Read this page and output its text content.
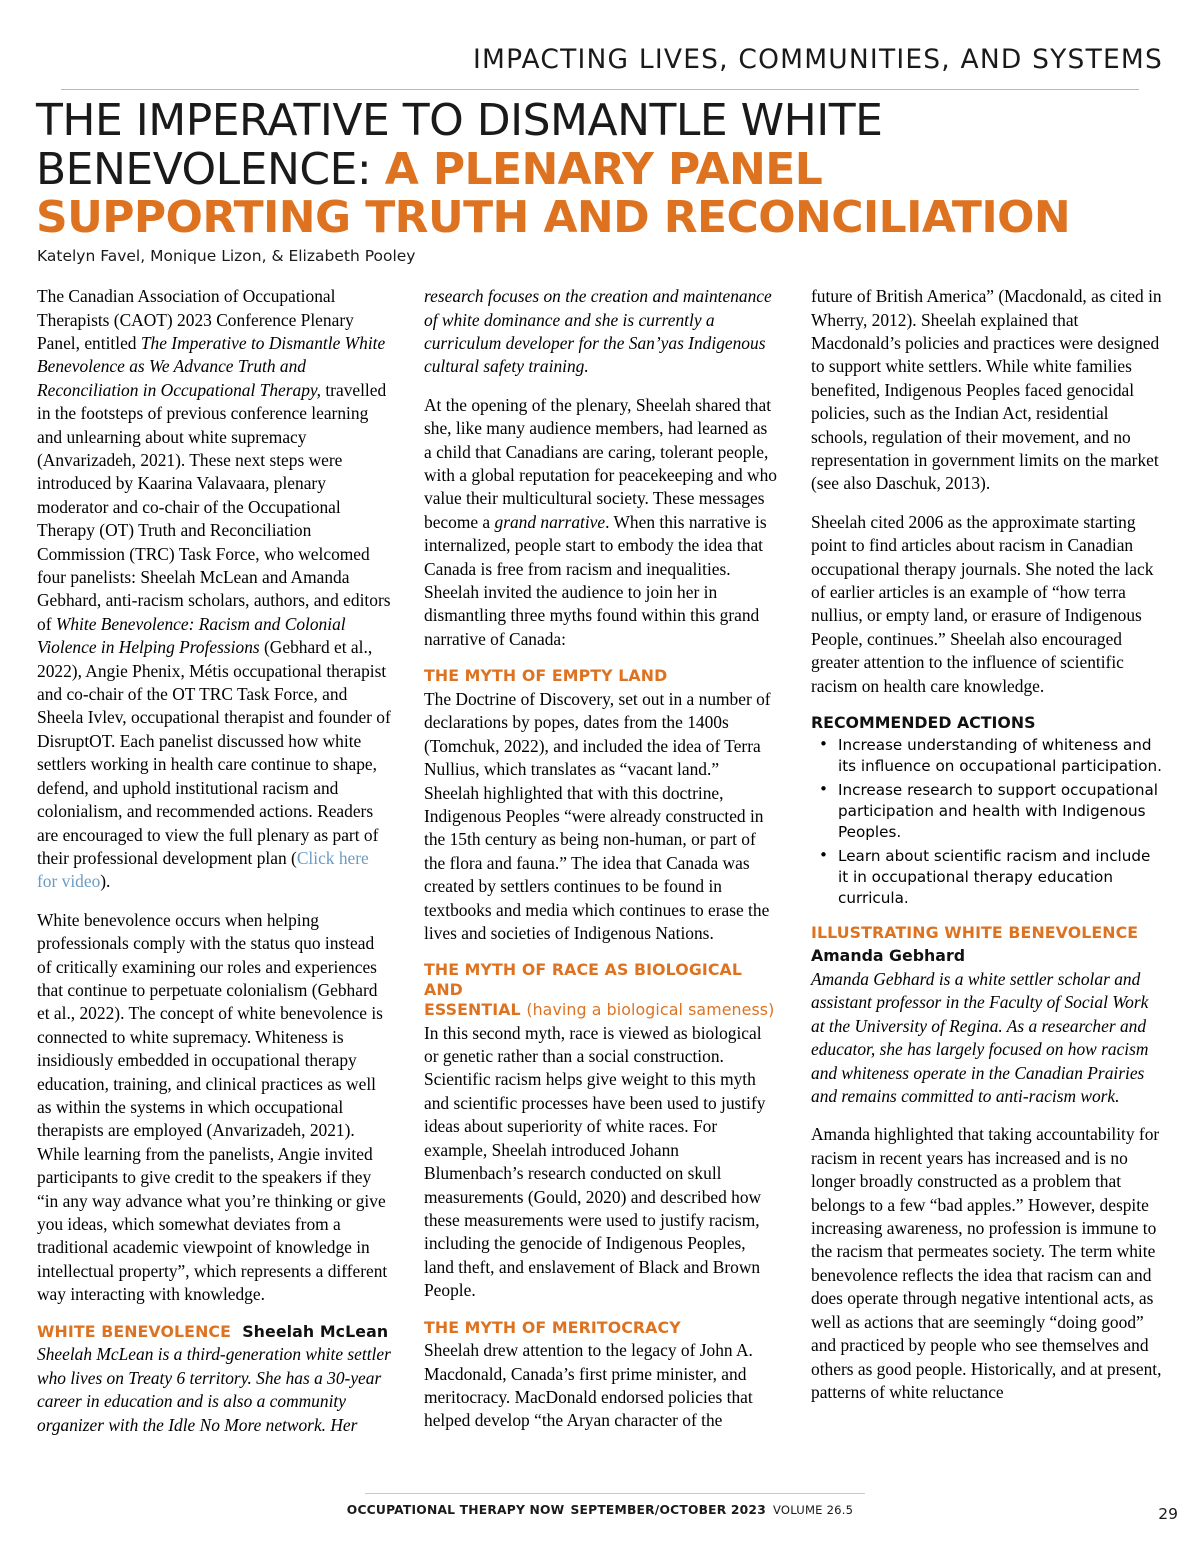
IMPACTING LIVES, COMMUNITIES, AND SYSTEMS
THE IMPERATIVE TO DISMANTLE WHITE
BENEVOLENCE: A PLENARY PANEL
SUPPORTING TRUTH AND RECONCILIATION
Katelyn Favel, Monique Lizon, & Elizabeth Pooley

The Canadian Association of Occupational Therapists (CAOT) 2023 Conference Plenary Panel, entitled The Imperative to Dismantle White Benevolence as We Advance Truth and Reconciliation in Occupational Therapy, travelled in the footsteps of previous conference learning and unlearning about white supremacy (Anvarizadeh, 2021). These next steps were introduced by Kaarina Valavaara, plenary moderator and co-chair of the Occupational Therapy (OT) Truth and Reconciliation Commission (TRC) Task Force, who welcomed four panelists: Sheelah McLean and Amanda Gebhard, anti-racism scholars, authors, and editors of White Benevolence: Racism and Colonial Violence in Helping Professions (Gebhard et al., 2022), Angie Phenix, Métis occupational therapist and co-chair of the OT TRC Task Force, and Sheela Ivlev, occupational therapist and founder of DisruptOT. Each panelist discussed how white settlers working in health care continue to shape, defend, and uphold institutional racism and colonialism, and recommended actions. Readers are encouraged to view the full plenary as part of their professional development plan (Click here for video).

White benevolence occurs when helping professionals comply with the status quo instead of critically examining our roles and experiences that continue to perpetuate colonialism (Gebhard et al., 2022). The concept of white benevolence is connected to white supremacy. Whiteness is insidiously embedded in occupational therapy education, training, and clinical practices as well as within the systems in which occupational therapists are employed (Anvarizadeh, 2021). While learning from the panelists, Angie invited participants to give credit to the speakers if they “in any way advance what you’re thinking or give you ideas, which somewhat deviates from a traditional academic viewpoint of knowledge in intellectual property”, which represents a different way interacting with knowledge.

WHITE BENEVOLENCE Sheelah McLean

Sheelah McLean is a third-generation white settler who lives on Treaty 6 territory. She has a 30-year career in education and is also a community organizer with the Idle No More network. Her

research focuses on the creation and maintenance of white dominance and she is currently a curriculum developer for the San’yas Indigenous cultural safety training.

At the opening of the plenary, Sheelah shared that she, like many audience members, had learned as a child that Canadians are caring, tolerant people, with a global reputation for peacekeeping and who value their multicultural society. These messages become a grand narrative. When this narrative is internalized, people start to embody the idea that Canada is free from racism and inequalities. Sheelah invited the audience to join her in dismantling three myths found within this grand narrative of Canada:

THE MYTH OF EMPTY LAND

The Doctrine of Discovery, set out in a number of declarations by popes, dates from the 1400s (Tomchuk, 2022), and included the idea of Terra Nullius, which translates as “vacant land.” Sheelah highlighted that with this doctrine, Indigenous Peoples “were already constructed in the 15th century as being non-human, or part of the flora and fauna.” The idea that Canada was created by settlers continues to be found in textbooks and media which continues to erase the lives and societies of Indigenous Nations.

THE MYTH OF RACE AS BIOLOGICAL AND
ESSENTIAL (having a biological sameness)

In this second myth, race is viewed as biological or genetic rather than a social construction. Scientific racism helps give weight to this myth and scientific processes have been used to justify ideas about superiority of white races. For example, Sheelah introduced Johann Blumenbach’s research conducted on skull measurements (Gould, 2020) and described how these measurements were used to justify racism, including the genocide of Indigenous Peoples, land theft, and enslavement of Black and Brown People.

THE MYTH OF MERITOCRACY

Sheelah drew attention to the legacy of John A. Macdonald, Canada’s first prime minister, and meritocracy. MacDonald endorsed policies that helped develop “the Aryan character of the

future of British America” (Macdonald, as cited in Wherry, 2012). Sheelah explained that Macdonald’s policies and practices were designed to support white settlers. While white families benefited, Indigenous Peoples faced genocidal policies, such as the Indian Act, residential schools, regulation of their movement, and no representation in government limits on the market (see also Daschuk, 2013).

Sheelah cited 2006 as the approximate starting point to find articles about racism in Canadian occupational therapy journals. She noted the lack of earlier articles is an example of “how terra nullius, or empty land, or erasure of Indigenous People, continues.” Sheelah also encouraged greater attention to the influence of scientific racism on health care knowledge.

RECOMMENDED ACTIONS
• Increase understanding of whiteness and its influence on occupational participation.
• Increase research to support occupational participation and health with Indigenous Peoples.
• Learn about scientific racism and include it in occupational therapy education curricula.
ILLUSTRATING WHITE BENEVOLENCE
Amanda Gebhard

Amanda Gebhard is a white settler scholar and assistant professor in the Faculty of Social Work at the University of Regina. As a researcher and educator, she has largely focused on how racism and whiteness operate in the Canadian Prairies and remains committed to anti-racism work.

Amanda highlighted that taking accountability for racism in recent years has increased and is no longer broadly constructed as a problem that belongs to a few “bad apples.” However, despite increasing awareness, no profession is immune to the racism that permeates society. The term white benevolence reflects the idea that racism can and does operate through negative intentional acts, as well as actions that are seemingly “doing good” and practiced by people who see themselves and others as good people. Historically, and at present, patterns of white reluctance

OCCUPATIONAL THERAPY NOW SEPTEMBER/OCTOBER 2023 VOLUME 26.5	29
